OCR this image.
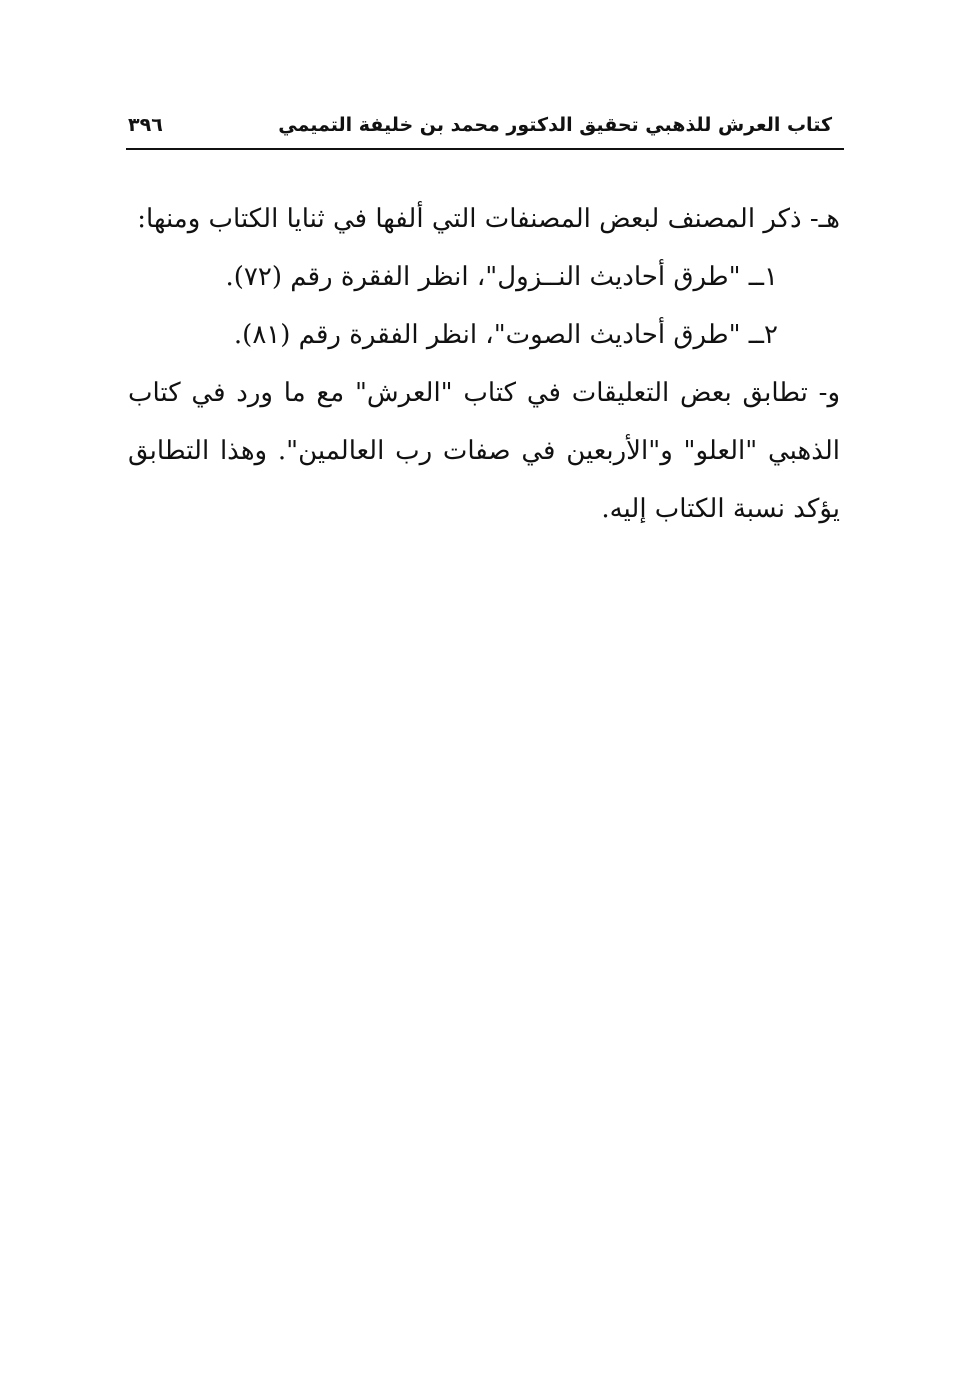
كتاب العرش للذهبي تحقيق الدكتور محمد بن خليفة التميمي
٣٩٦

هـ- ذكر المصنف لبعض المصنفات التي ألفها في ثنايا الكتاب ومنها:

١ــ "طرق أحاديث النــزول"، انظر الفقرة رقم (٧٢).

٢ــ "طرق أحاديث الصوت"، انظر الفقرة رقم (٨١).

و- تطابق بعض التعليقات في كتاب "العرش" مع ما ورد في كتاب الذهبي "العلو" و"الأربعين في صفات رب العالمين". وهذا التطابق يؤكد نسبة الكتاب إليه.
